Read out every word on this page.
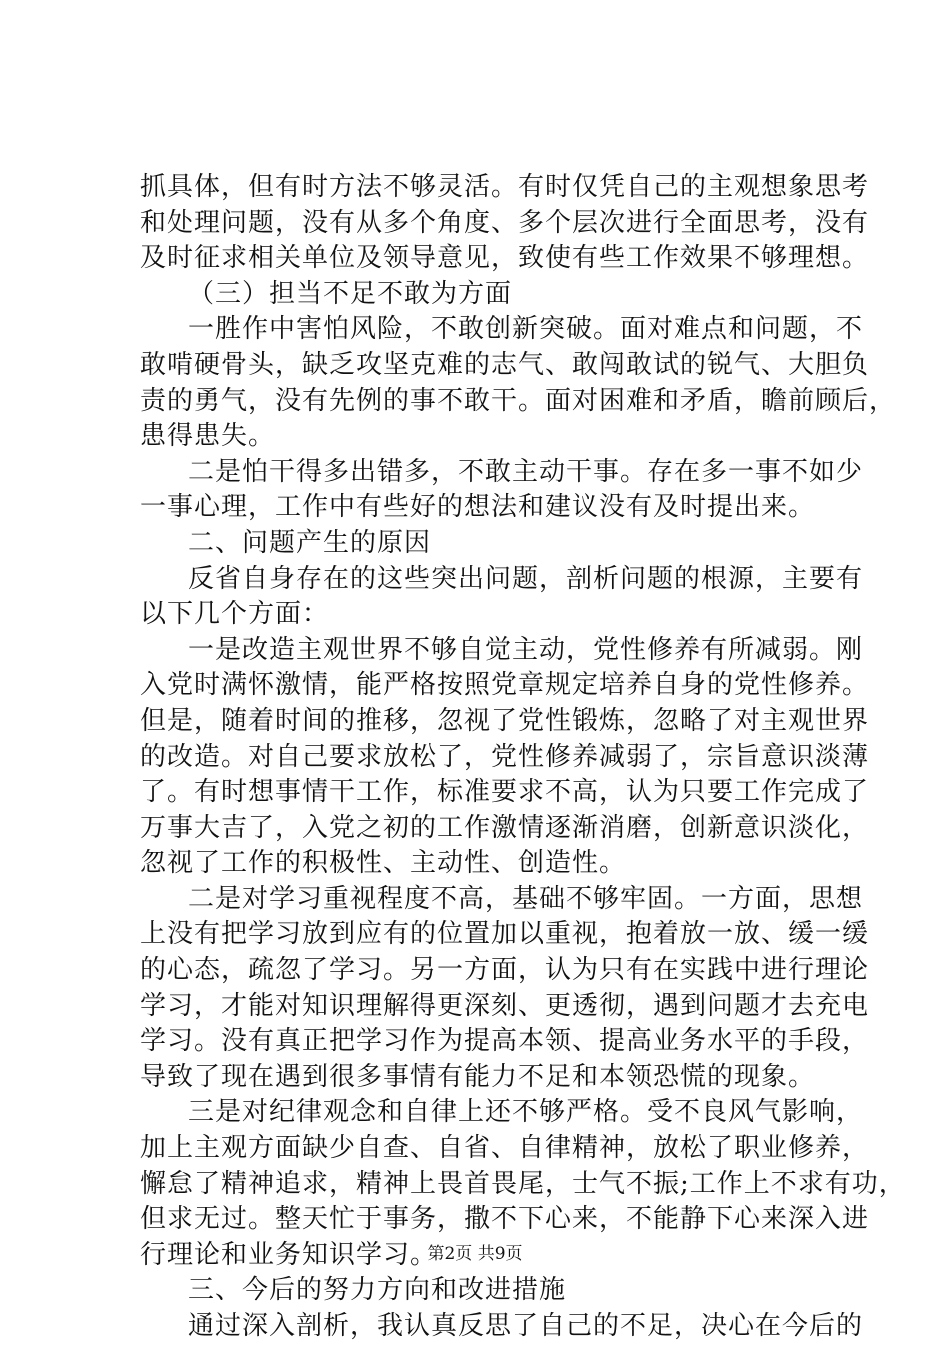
抓具体，但有时方法不够灵活。有时仅凭自己的主观想象思考
和处理问题，没有从多个角度、多个层次进行全面思考，没有
及时征求相关单位及领导意见，致使有些工作效果不够理想。
（三）担当不足不敢为方面
一胜作中害怕风险，不敢创新突破。面对难点和问题，不
敢啃硬骨头，缺乏攻坚克难的志气、敢闯敢试的锐气、大胆负
责的勇气，没有先例的事不敢干。面对困难和矛盾，瞻前顾后，
患得患失。
二是怕干得多出错多，不敢主动干事。存在多一事不如少
一事心理，工作中有些好的想法和建议没有及时提出来。
二、问题产生的原因
反省自身存在的这些突出问题，剖析问题的根源，主要有
以下几个方面：
一是改造主观世界不够自觉主动，党性修养有所减弱。刚
入党时满怀激情，能严格按照党章规定培养自身的党性修养。
但是，随着时间的推移，忽视了党性锻炼，忽略了对主观世界
的改造。对自己要求放松了，党性修养减弱了，宗旨意识淡薄
了。有时想事情干工作，标准要求不高，认为只要工作完成了
万事大吉了，入党之初的工作激情逐渐消磨，创新意识淡化，
忽视了工作的积极性、主动性、创造性。
二是对学习重视程度不高，基础不够牢固。一方面，思想
上没有把学习放到应有的位置加以重视，抱着放一放、缓一缓
的心态，疏忽了学习。另一方面，认为只有在实践中进行理论
学习，才能对知识理解得更深刻、更透彻，遇到问题才去充电
学习。没有真正把学习作为提高本领、提高业务水平的手段，
导致了现在遇到很多事情有能力不足和本领恐慌的现象。
三是对纪律观念和自律上还不够严格。受不良风气影响，
加上主观方面缺少自查、自省、自律精神，放松了职业修养，
懈怠了精神追求，精神上畏首畏尾，士气不振;工作上不求有功，
但求无过。整天忙于事务，撒不下心来，不能静下心来深入进
行理论和业务知识学习。
三、今后的努力方向和改进措施
通过深入剖析，我认真反思了自己的不足，决心在今后的
第2页 共9页
